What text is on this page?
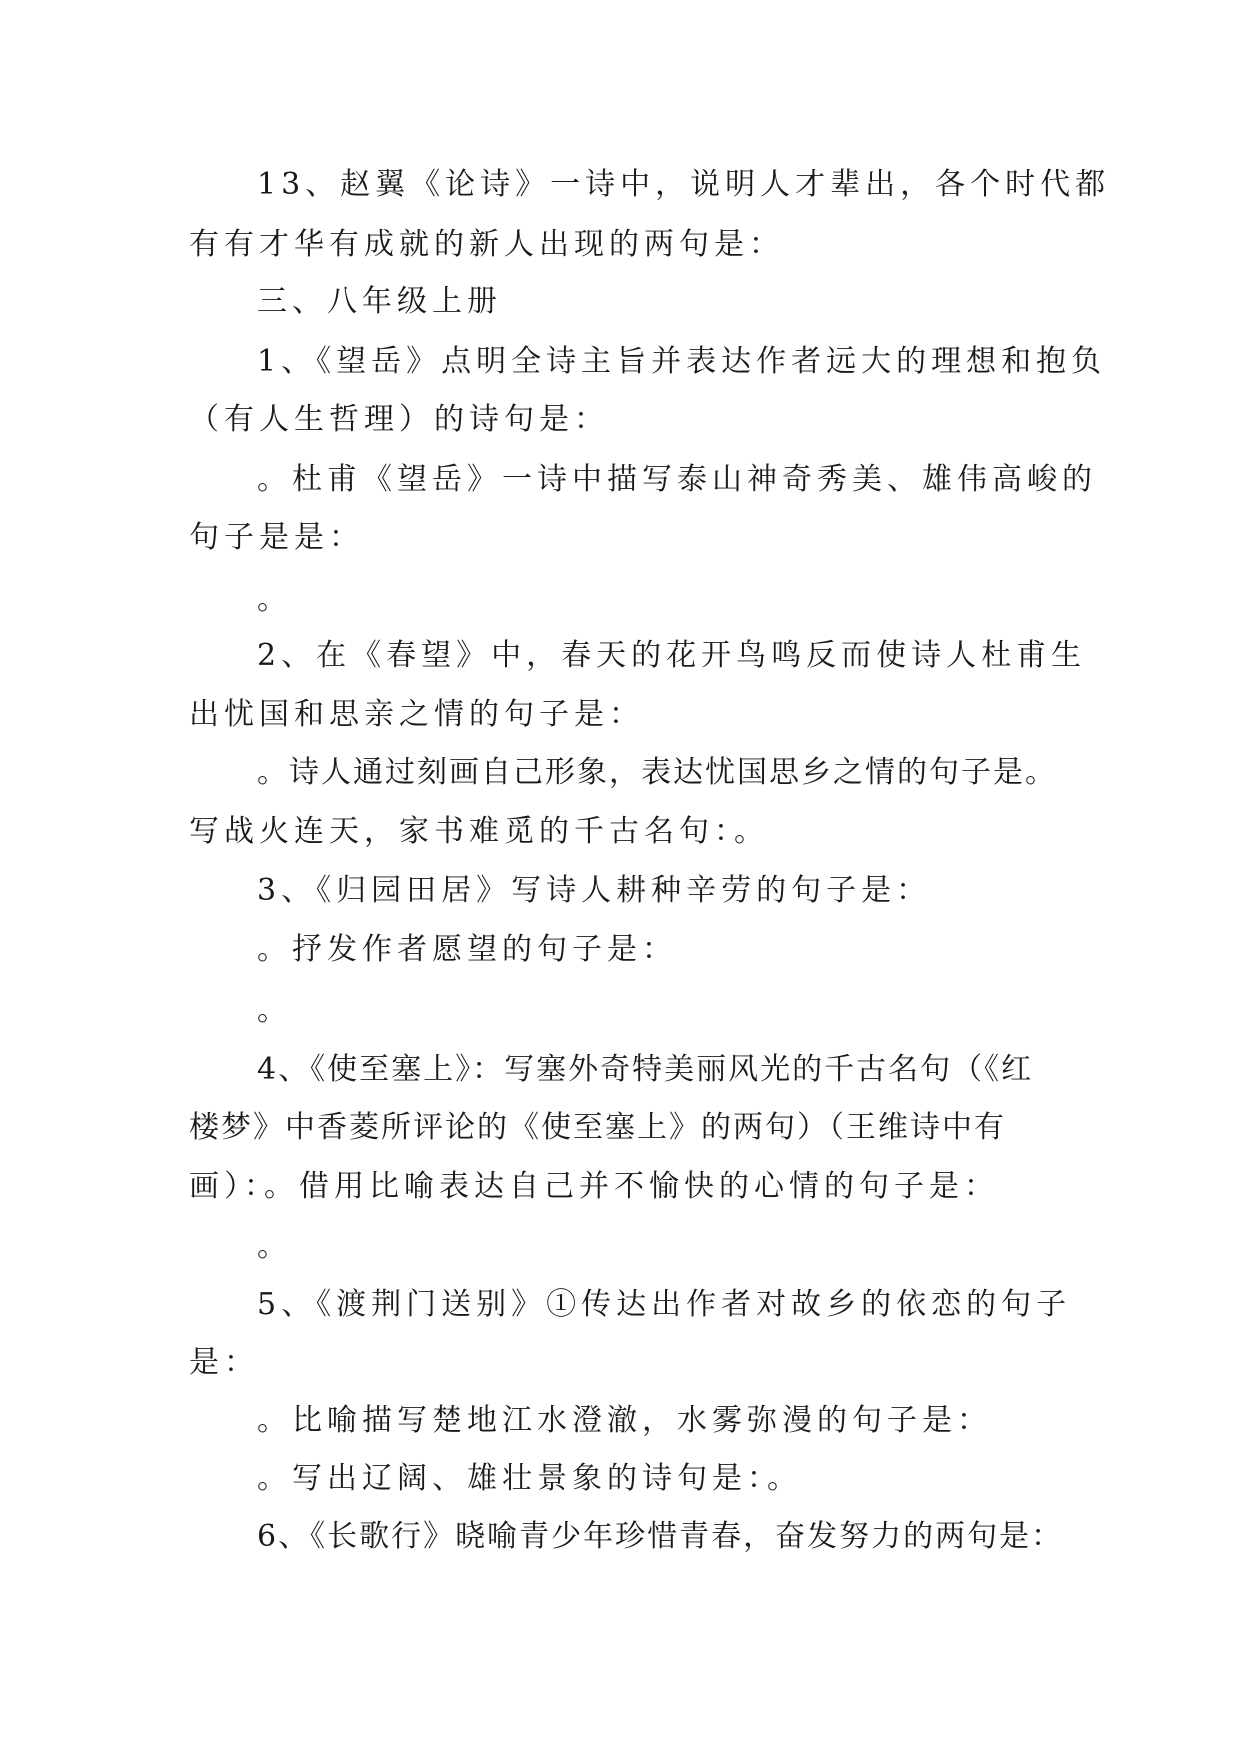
13、赵翼《论诗》一诗中，说明人才辈出，各个时代都

有有才华有成就的新人出现的两句是：

三、八年级上册

1、《望岳》点明全诗主旨并表达作者远大的理想和抱负

（有人生哲理）的诗句是：

。杜甫《望岳》一诗中描写泰山神奇秀美、雄伟高峻的

句子是是：

。

2、在《春望》中，春天的花开鸟鸣反而使诗人杜甫生

出忧国和思亲之情的句子是：

。诗人通过刻画自己形象，表达忧国思乡之情的句子是。

写战火连天，家书难觅的千古名句：。

3、《归园田居》写诗人耕种辛劳的句子是：

。抒发作者愿望的句子是：

。

4、《使至塞上》：写塞外奇特美丽风光的千古名句（《红

楼梦》中香菱所评论的《使至塞上》的两句）（王维诗中有

画）：。借用比喻表达自己并不愉快的心情的句子是：

。

5、《渡荆门送别》①传达出作者对故乡的依恋的句子

是：

。比喻描写楚地江水澄澈，水雾弥漫的句子是：

。写出辽阔、雄壮景象的诗句是：。

6、《长歌行》晓喻青少年珍惜青春，奋发努力的两句是：
